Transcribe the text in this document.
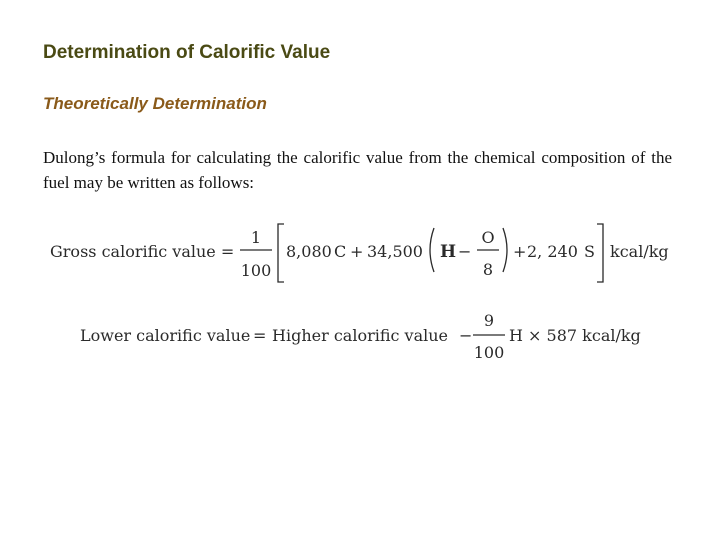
Determination of Calorific Value
Theoretically Determination
Dulong’s formula for calculating the calorific value from the chemical composition of the fuel may be written as follows:
Gross calorific value =
1
100
8,080 C + 34,500 H −
O
8
+ 2, 240 S kcal/kg
Lower calorific value = Higher calorific value −
9
100
H × 587 kcal/kg
